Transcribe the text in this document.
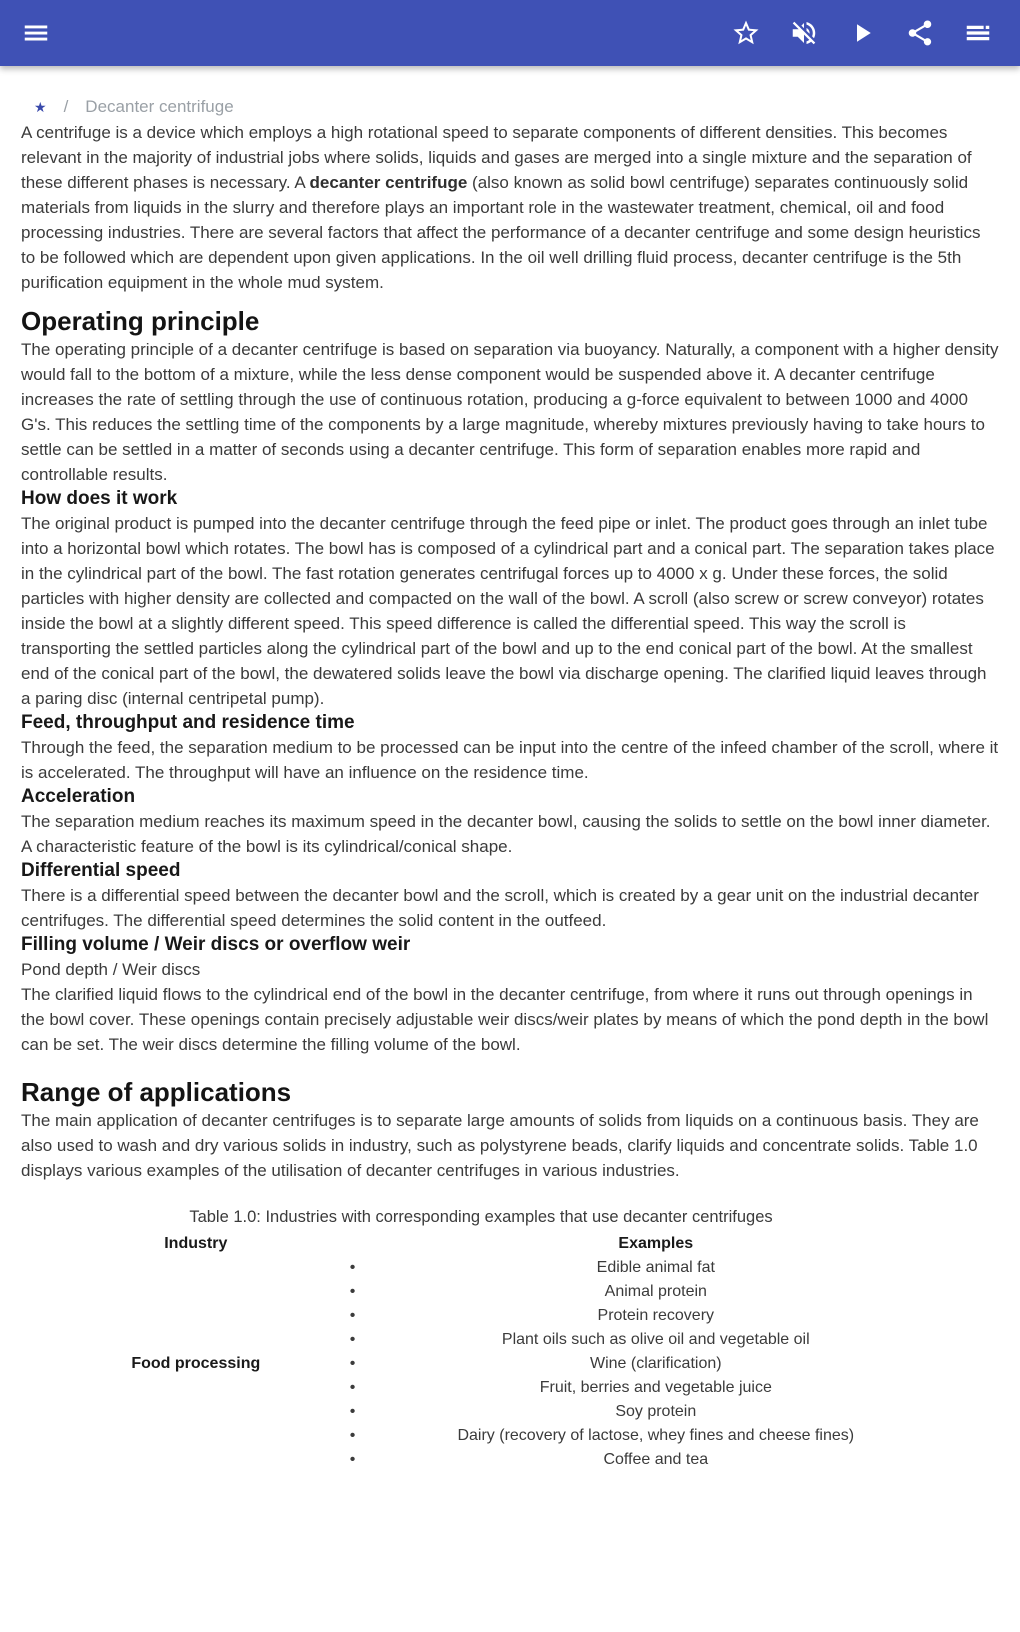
★ / Decanter centrifuge

A centrifuge is a device which employs a high rotational speed to separate components of different densities. This becomes relevant in the majority of industrial jobs where solids, liquids and gases are merged into a single mixture and the separation of these different phases is necessary. A decanter centrifuge (also known as solid bowl centrifuge) separates continuously solid materials from liquids in the slurry and therefore plays an important role in the wastewater treatment, chemical, oil and food processing industries. There are several factors that affect the performance of a decanter centrifuge and some design heuristics to be followed which are dependent upon given applications. In the oil well drilling fluid process, decanter centrifuge is the 5th purification equipment in the whole mud system.

Operating principle

The operating principle of a decanter centrifuge is based on separation via buoyancy. Naturally, a component with a higher density would fall to the bottom of a mixture, while the less dense component would be suspended above it. A decanter centrifuge increases the rate of settling through the use of continuous rotation, producing a g-force equivalent to between 1000 and 4000 G's. This reduces the settling time of the components by a large magnitude, whereby mixtures previously having to take hours to settle can be settled in a matter of seconds using a decanter centrifuge. This form of separation enables more rapid and controllable results.

How does it work

The original product is pumped into the decanter centrifuge through the feed pipe or inlet. The product goes through an inlet tube into a horizontal bowl which rotates. The bowl has is composed of a cylindrical part and a conical part. The separation takes place in the cylindrical part of the bowl. The fast rotation generates centrifugal forces up to 4000 x g. Under these forces, the solid particles with higher density are collected and compacted on the wall of the bowl. A scroll (also screw or screw conveyor) rotates inside the bowl at a slightly different speed. This speed difference is called the differential speed. This way the scroll is transporting the settled particles along the cylindrical part of the bowl and up to the end conical part of the bowl. At the smallest end of the conical part of the bowl, the dewatered solids leave the bowl via discharge opening. The clarified liquid leaves through a paring disc (internal centripetal pump).

Feed, throughput and residence time

Through the feed, the separation medium to be processed can be input into the centre of the infeed chamber of the scroll, where it is accelerated. The throughput will have an influence on the residence time.

Acceleration

The separation medium reaches its maximum speed in the decanter bowl, causing the solids to settle on the bowl inner diameter. A characteristic feature of the bowl is its cylindrical/conical shape.

Differential speed

There is a differential speed between the decanter bowl and the scroll, which is created by a gear unit on the industrial decanter centrifuges. The differential speed determines the solid content in the outfeed.

Filling volume / Weir discs or overflow weir

Pond depth / Weir discs

The clarified liquid flows to the cylindrical end of the bowl in the decanter centrifuge, from where it runs out through openings in the bowl cover. These openings contain precisely adjustable weir discs/weir plates by means of which the pond depth in the bowl can be set. The weir discs determine the filling volume of the bowl.

Range of applications

The main application of decanter centrifuges is to separate large amounts of solids from liquids on a continuous basis. They are also used to wash and dry various solids in industry, such as polystyrene beads, clarify liquids and concentrate solids. Table 1.0 displays various examples of the utilisation of decanter centrifuges in various industries.

Table 1.0: Industries with corresponding examples that use decanter centrifuges
Industry	Examples
Food processing
•	Edible animal fat
•	Animal protein
•	Protein recovery
•	Plant oils such as olive oil and vegetable oil
•	Wine (clarification)
•	Fruit, berries and vegetable juice
•	Soy protein
•	Dairy (recovery of lactose, whey fines and cheese fines)
•	Coffee and tea
